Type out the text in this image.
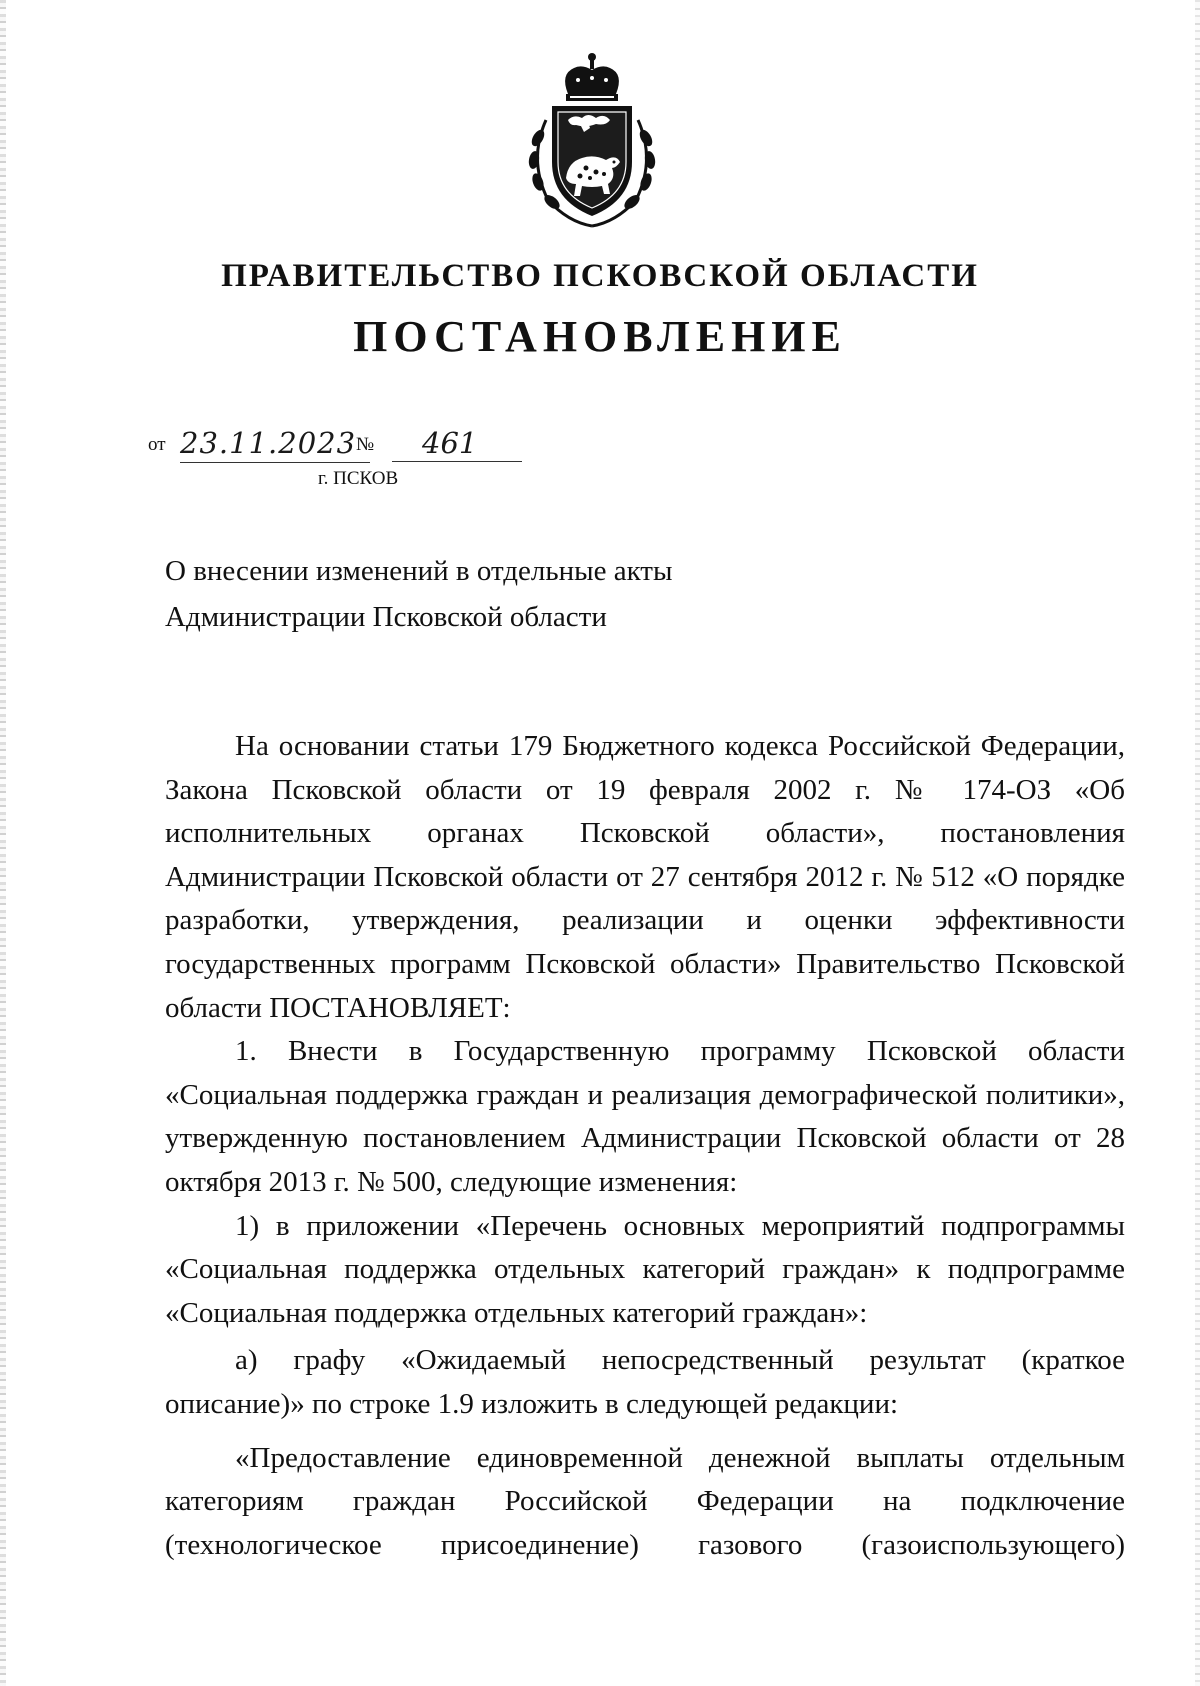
ПРАВИТЕЛЬСТВО ПСКОВСКОЙ ОБЛАСТИ
ПОСТАНОВЛЕНИЕ
от 23.11.2023 №	461
г. ПСКОВ
О внесении изменений в отдельные акты
Администрации Псковской области

На основании статьи 179 Бюджетного кодекса Российской Федерации, Закона Псковской области от 19 февраля 2002 г. № 174-ОЗ «Об исполнительных органах Псковской области», постановления Администрации Псковской области от 27 сентября 2012 г. № 512 «О порядке разработки, утверждения, реализации и оценки эффективности государственных программ Псковской области» Правительство Псковской области ПОСТАНОВЛЯЕТ:

1. Внести в Государственную программу Псковской области «Социальная поддержка граждан и реализация демографической политики», утвержденную постановлением Администрации Псковской области от 28 октября 2013 г. № 500, следующие изменения:

1) в приложении «Перечень основных мероприятий подпрограммы «Социальная поддержка отдельных категорий граждан» к подпрограмме «Социальная поддержка отдельных категорий граждан»:

а) графу «Ожидаемый непосредственный результат (краткое описание)» по строке 1.9 изложить в следующей редакции:

«Предоставление единовременной денежной выплаты отдельным категориям граждан Российской Федерации на подключение (технологическое присоединение) газового (газоиспользующего)
